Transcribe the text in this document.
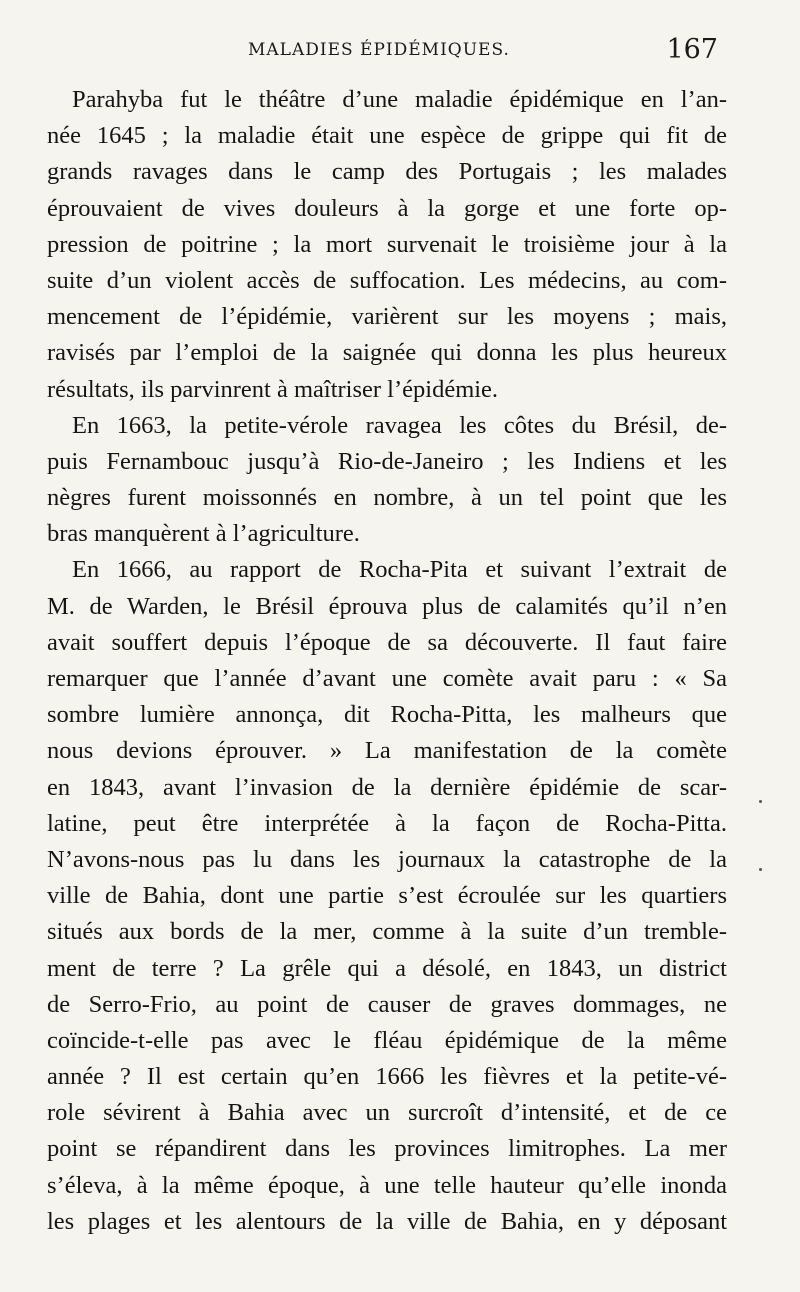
MALADIES ÉPIDÉMIQUES.	167
Parahyba fut le théâtre d’une maladie épidémique en l’an-
née 1645 ; la maladie était une espèce de grippe qui fit de
grands ravages dans le camp des Portugais ; les malades
éprouvaient de vives douleurs à la gorge et une forte op-
pression de poitrine ; la mort survenait le troisième jour à la
suite d’un violent accès de suffocation. Les médecins, au com-
mencement de l’épidémie, varièrent sur les moyens ; mais,
ravisés par l’emploi de la saignée qui donna les plus heureux
résultats, ils parvinrent à maîtriser l’épidémie.
En 1663, la petite-vérole ravagea les côtes du Brésil, de-
puis Fernambouc jusqu’à Rio-de-Janeiro ; les Indiens et les
nègres furent moissonnés en nombre, à un tel point que les
bras manquèrent à l’agriculture.
En 1666, au rapport de Rocha-Pita et suivant l’extrait de
M. de Warden, le Brésil éprouva plus de calamités qu’il n’en
avait souffert depuis l’époque de sa découverte. Il faut faire
remarquer que l’année d’avant une comète avait paru : « Sa
sombre lumière annonça, dit Rocha-Pitta, les malheurs que
nous devions éprouver. » La manifestation de la comète
en 1843, avant l’invasion de la dernière épidémie de scar-
latine, peut être interprétée à la façon de Rocha-Pitta.
N’avons-nous pas lu dans les journaux la catastrophe de la
ville de Bahia, dont une partie s’est écroulée sur les quartiers
situés aux bords de la mer, comme à la suite d’un tremble-
ment de terre ? La grêle qui a désolé, en 1843, un district
de Serro-Frio, au point de causer de graves dommages, ne
coïncide-t-elle pas avec le fléau épidémique de la même
année ? Il est certain qu’en 1666 les fièvres et la petite-vé-
role sévirent à Bahia avec un surcroît d’intensité, et de ce
point se répandirent dans les provinces limitrophes. La mer
s’éleva, à la même époque, à une telle hauteur qu’elle inonda
les plages et les alentours de la ville de Bahia, en y déposant
